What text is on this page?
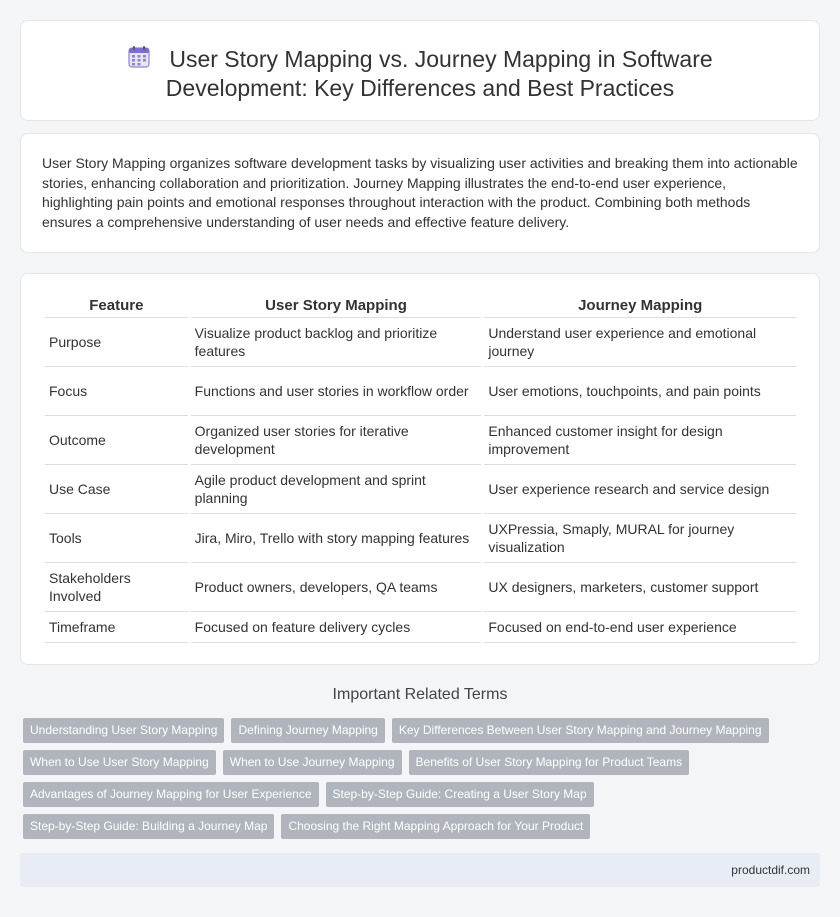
User Story Mapping vs. Journey Mapping in Software Development: Key Differences and Best Practices

User Story Mapping organizes software development tasks by visualizing user activities and breaking them into actionable stories, enhancing collaboration and prioritization. Journey Mapping illustrates the end-to-end user experience, highlighting pain points and emotional responses throughout interaction with the product. Combining both methods ensures a comprehensive understanding of user needs and effective feature delivery.

Feature	User Story Mapping	Journey Mapping
Purpose	Visualize product backlog and prioritize features	Understand user experience and emotional journey
Focus	Functions and user stories in workflow order	User emotions, touchpoints, and pain points
Outcome	Organized user stories for iterative development	Enhanced customer insight for design improvement
Use Case	Agile product development and sprint planning	User experience research and service design
Tools	Jira, Miro, Trello with story mapping features	UXPressia, Smaply, MURAL for journey visualization
Stakeholders Involved	Product owners, developers, QA teams	UX designers, marketers, customer support
Timeframe	Focused on feature delivery cycles	Focused on end-to-end user experience
Important Related Terms
Understanding User Story Mapping	Defining Journey Mapping	Key Differences Between User Story Mapping and Journey Mapping
When to Use User Story Mapping	When to Use Journey Mapping	Benefits of User Story Mapping for Product Teams
Advantages of Journey Mapping for User Experience	Step-by-Step Guide: Creating a User Story Map
Step-by-Step Guide: Building a Journey Map	Choosing the Right Mapping Approach for Your Product
productdif.com
